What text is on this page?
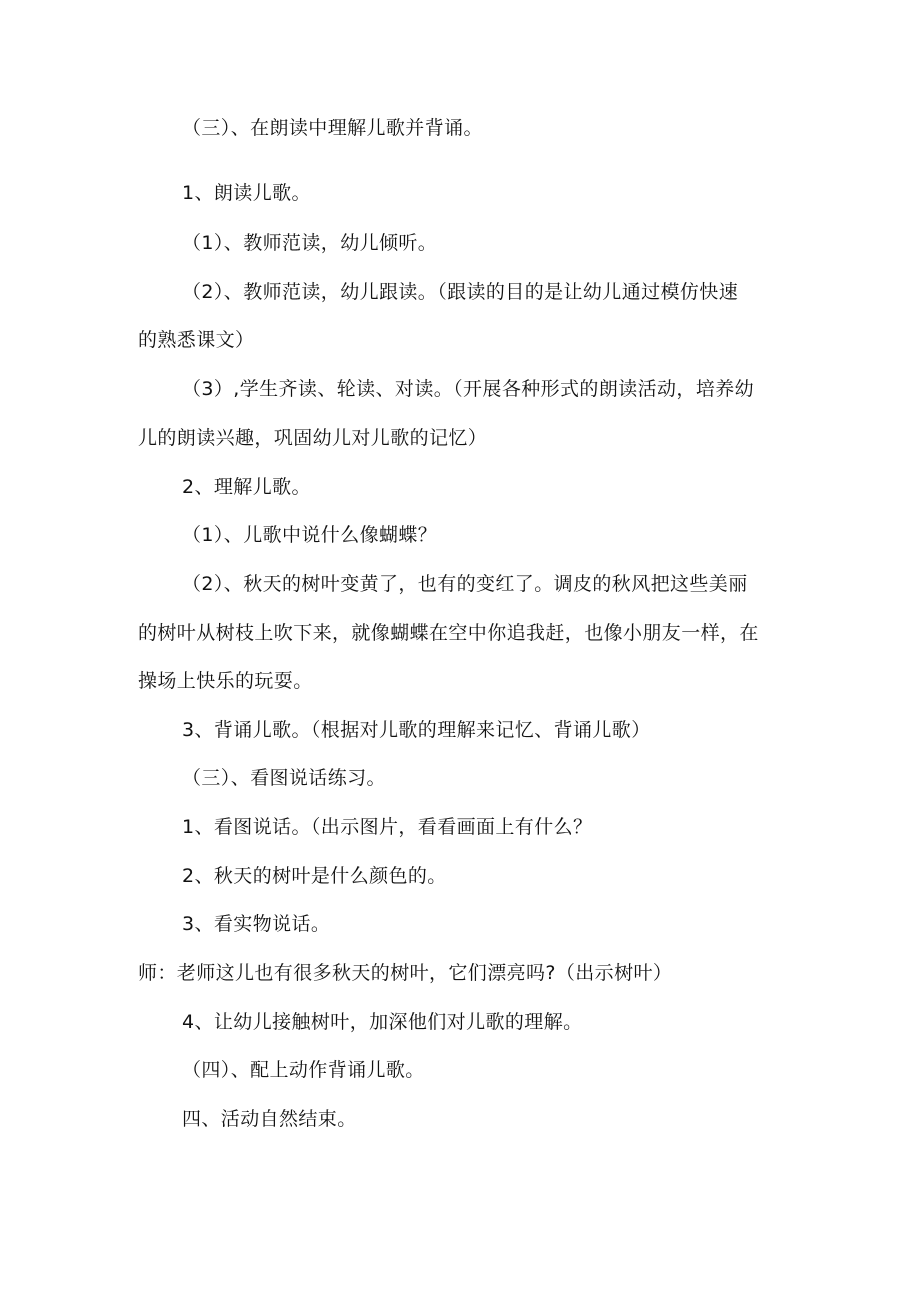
（三）、在朗读中理解儿歌并背诵。
1、朗读儿歌。
（1）、教师范读，幼儿倾听。
（2）、教师范读，幼儿跟读。（跟读的目的是让幼儿通过模仿快速
的熟悉课文）
（3）,学生齐读、轮读、对读。（开展各种形式的朗读活动，培养幼
儿的朗读兴趣，巩固幼儿对儿歌的记忆）
2、理解儿歌。
（1）、儿歌中说什么像蝴蝶？
（2）、秋天的树叶变黄了，也有的变红了。调皮的秋风把这些美丽
的树叶从树枝上吹下来，就像蝴蝶在空中你追我赶，也像小朋友一样，在
操场上快乐的玩耍。
3、背诵儿歌。（根据对儿歌的理解来记忆、背诵儿歌）
（三）、看图说话练习。
1、看图说话。（出示图片，看看画面上有什么？
2、秋天的树叶是什么颜色的。
3、看实物说话。
师：老师这儿也有很多秋天的树叶，它们漂亮吗?（出示树叶）
4、让幼儿接触树叶，加深他们对儿歌的理解。
（四）、配上动作背诵儿歌。
四、活动自然结束。
